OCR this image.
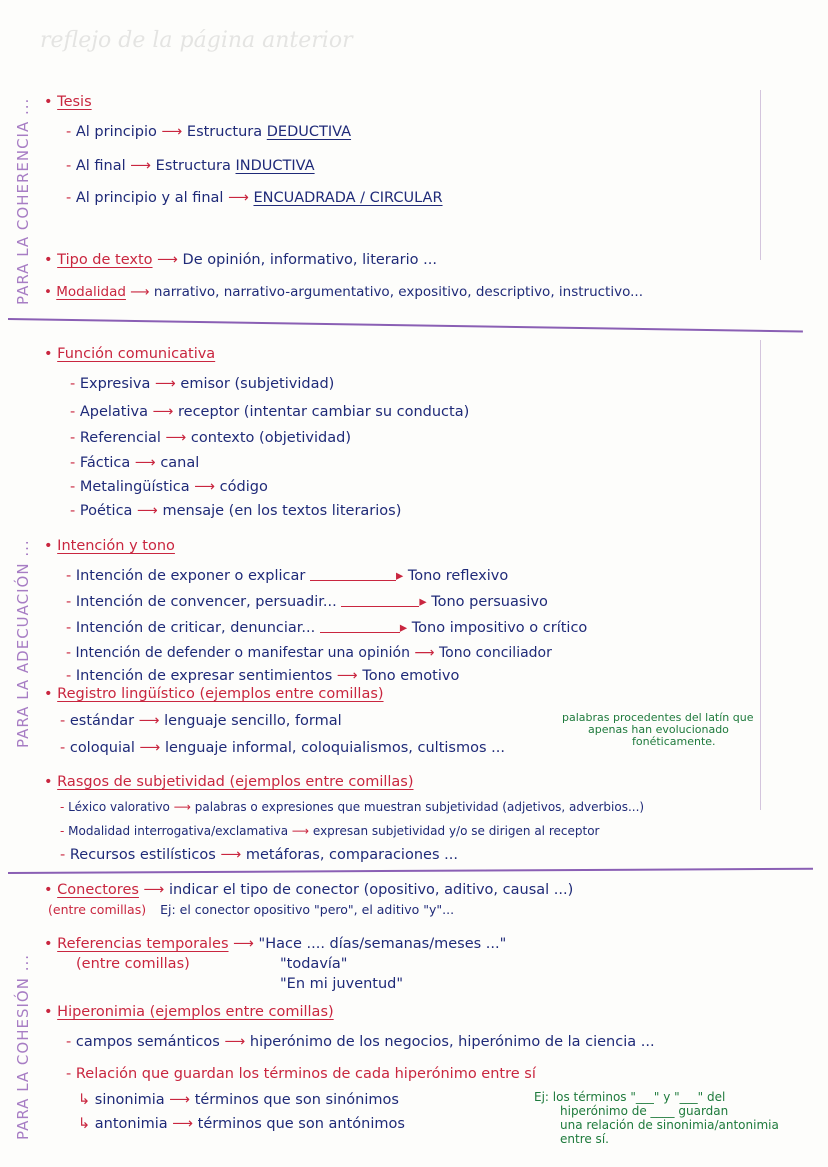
reflejo de la página anterior
PARA LA COHERENCIA ...
PARA LA ADECUACIÓN ...
PARA LA COHESIÓN ...
• Tesis
- Al principio ⟶ Estructura DEDUCTIVA
- Al final ⟶ Estructura INDUCTIVA
- Al principio y al final ⟶ ENCUADRADA / CIRCULAR
• Tipo de texto ⟶ De opinión, informativo, literario ...
• Modalidad ⟶ narrativo, narrativo-argumentativo, expositivo, descriptivo, instructivo...
• Función comunicativa
- Expresiva ⟶ emisor (subjetividad)
- Apelativa ⟶ receptor (intentar cambiar su conducta)
- Referencial ⟶ contexto (objetividad)
- Fáctica ⟶ canal
- Metalingüística ⟶ código
- Poética ⟶ mensaje (en los textos literarios)
• Intención y tono
- Intención de exponer o explicar	▸ Tono reflexivo
- Intención de convencer, persuadir...	▸ Tono persuasivo
- Intención de criticar, denunciar...	▸ Tono impositivo o crítico
- Intención de defender o manifestar una opinión ⟶ Tono conciliador
- Intención de expresar sentimientos ⟶ Tono emotivo
• Registro lingüístico (ejemplos entre comillas)
- estándar ⟶ lenguaje sencillo, formal
- coloquial ⟶ lenguaje informal, coloquialismos, cultismos ...
palabras procedentes del latín que
apenas han evolucionado
fonéticamente.
• Rasgos de subjetividad (ejemplos entre comillas)
- Léxico valorativo ⟶ palabras o expresiones que muestran subjetividad (adjetivos, adverbios...)
- Modalidad interrogativa/exclamativa ⟶ expresan subjetividad y/o se dirigen al receptor
- Recursos estilísticos ⟶ metáforas, comparaciones ...
• Conectores ⟶ indicar el tipo de conector (opositivo, aditivo, causal ...)
(entre comillas) Ej: el conector opositivo "pero", el aditivo "y"...
• Referencias temporales ⟶ "Hace .... días/semanas/meses ..."
(entre comillas)	"todavía"
"En mi juventud"
• Hiperonimia (ejemplos entre comillas)
- campos semánticos ⟶ hiperónimo de los negocios, hiperónimo de la ciencia ...
- Relación que guardan los términos de cada hiperónimo entre sí
↳ sinonimia ⟶ términos que son sinónimos
↳ antonimia ⟶ términos que son antónimos
Ej: los términos "___" y "___" del
hiperónimo de ____ guardan
una relación de sinonimia/antonimia
entre sí.
